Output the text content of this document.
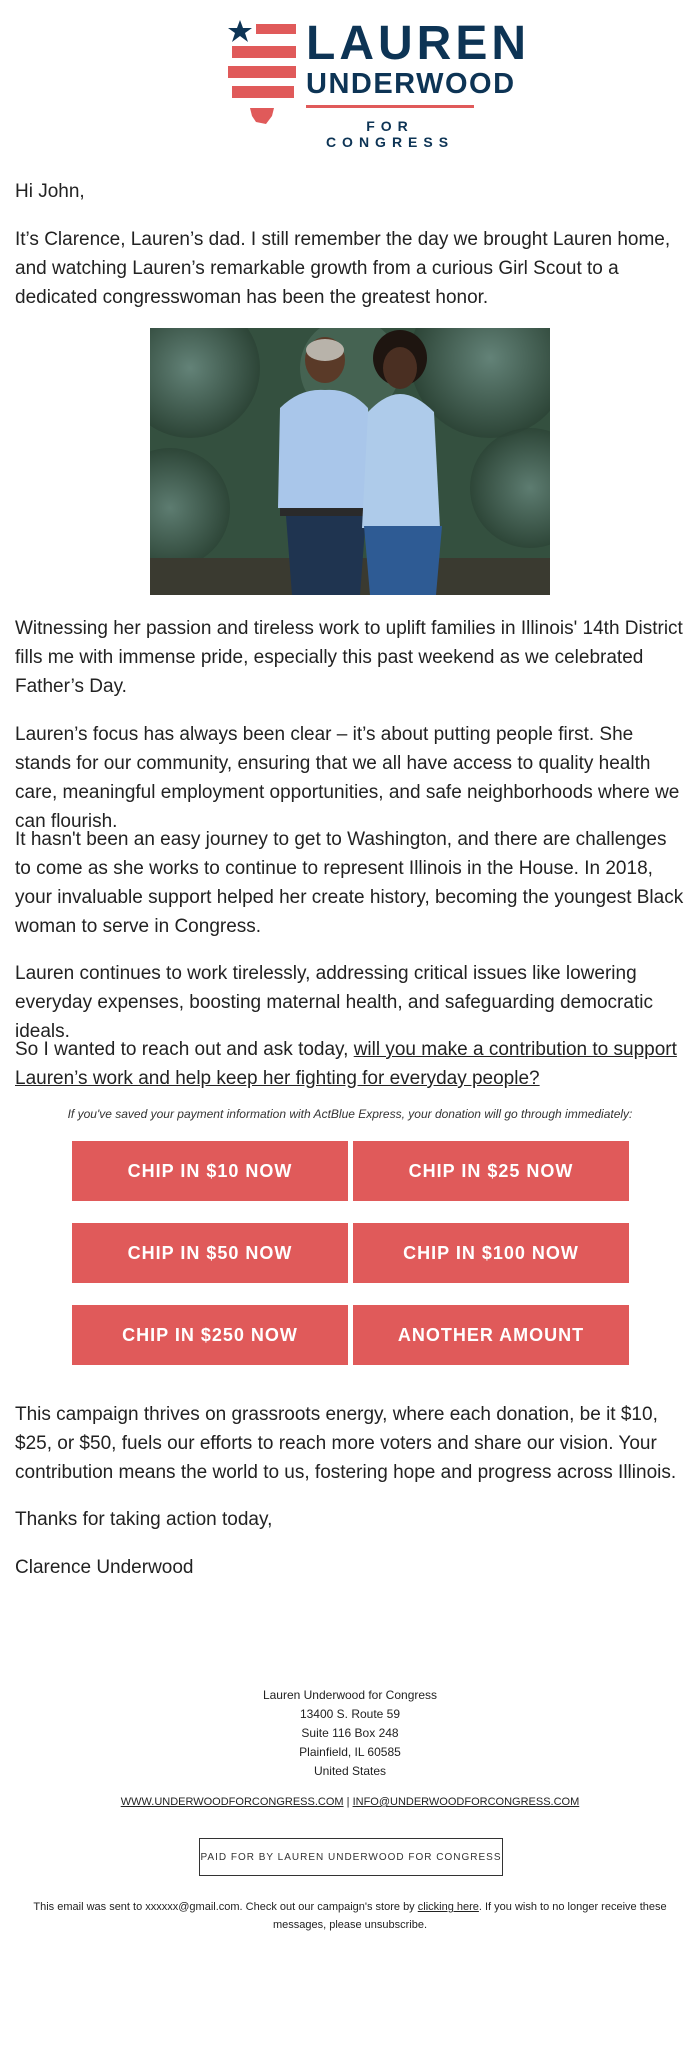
LAUREN
UNDERWOOD
FOR CONGRESS

Hi John,

It’s Clarence, Lauren’s dad. I still remember the day we brought Lauren home, and watching Lauren’s remarkable growth from a curious Girl Scout to a dedicated congresswoman has been the greatest honor.

Witnessing her passion and tireless work to uplift families in Illinois' 14th District fills me with immense pride, especially this past weekend as we celebrated Father’s Day.

Lauren’s focus has always been clear – it’s about putting people first. She stands for our community, ensuring that we all have access to quality health care, meaningful employment opportunities, and safe neighborhoods where we can flourish.

It hasn't been an easy journey to get to Washington, and there are challenges to come as she works to continue to represent Illinois in the House. In 2018, your invaluable support helped her create history, becoming the youngest Black woman to serve in Congress.

Lauren continues to work tirelessly, addressing critical issues like lowering everyday expenses, boosting maternal health, and safeguarding democratic ideals.

So I wanted to reach out and ask today, will you make a contribution to support Lauren’s work and help keep her fighting for everyday people?

If you've saved your payment information with ActBlue Express, your donation will go through immediately:
CHIP IN $10 NOW	CHIP IN $25 NOW
CHIP IN $50 NOW	CHIP IN $100 NOW
CHIP IN $250 NOW	ANOTHER AMOUNT

This campaign thrives on grassroots energy, where each donation, be it $10, $25, or $50, fuels our efforts to reach more voters and share our vision. Your contribution means the world to us, fostering hope and progress across Illinois.

Thanks for taking action today,

Clarence Underwood

Lauren Underwood for Congress
13400 S. Route 59
Suite 116 Box 248
Plainfield, IL 60585
United States
WWW.UNDERWOODFORCONGRESS.COM | INFO@UNDERWOODFORCONGRESS.COM
PAID FOR BY LAUREN UNDERWOOD FOR CONGRESS
This email was sent to xxxxxx@gmail.com. Check out our campaign's store by clicking here. If you wish to no longer receive these messages, please unsubscribe.
